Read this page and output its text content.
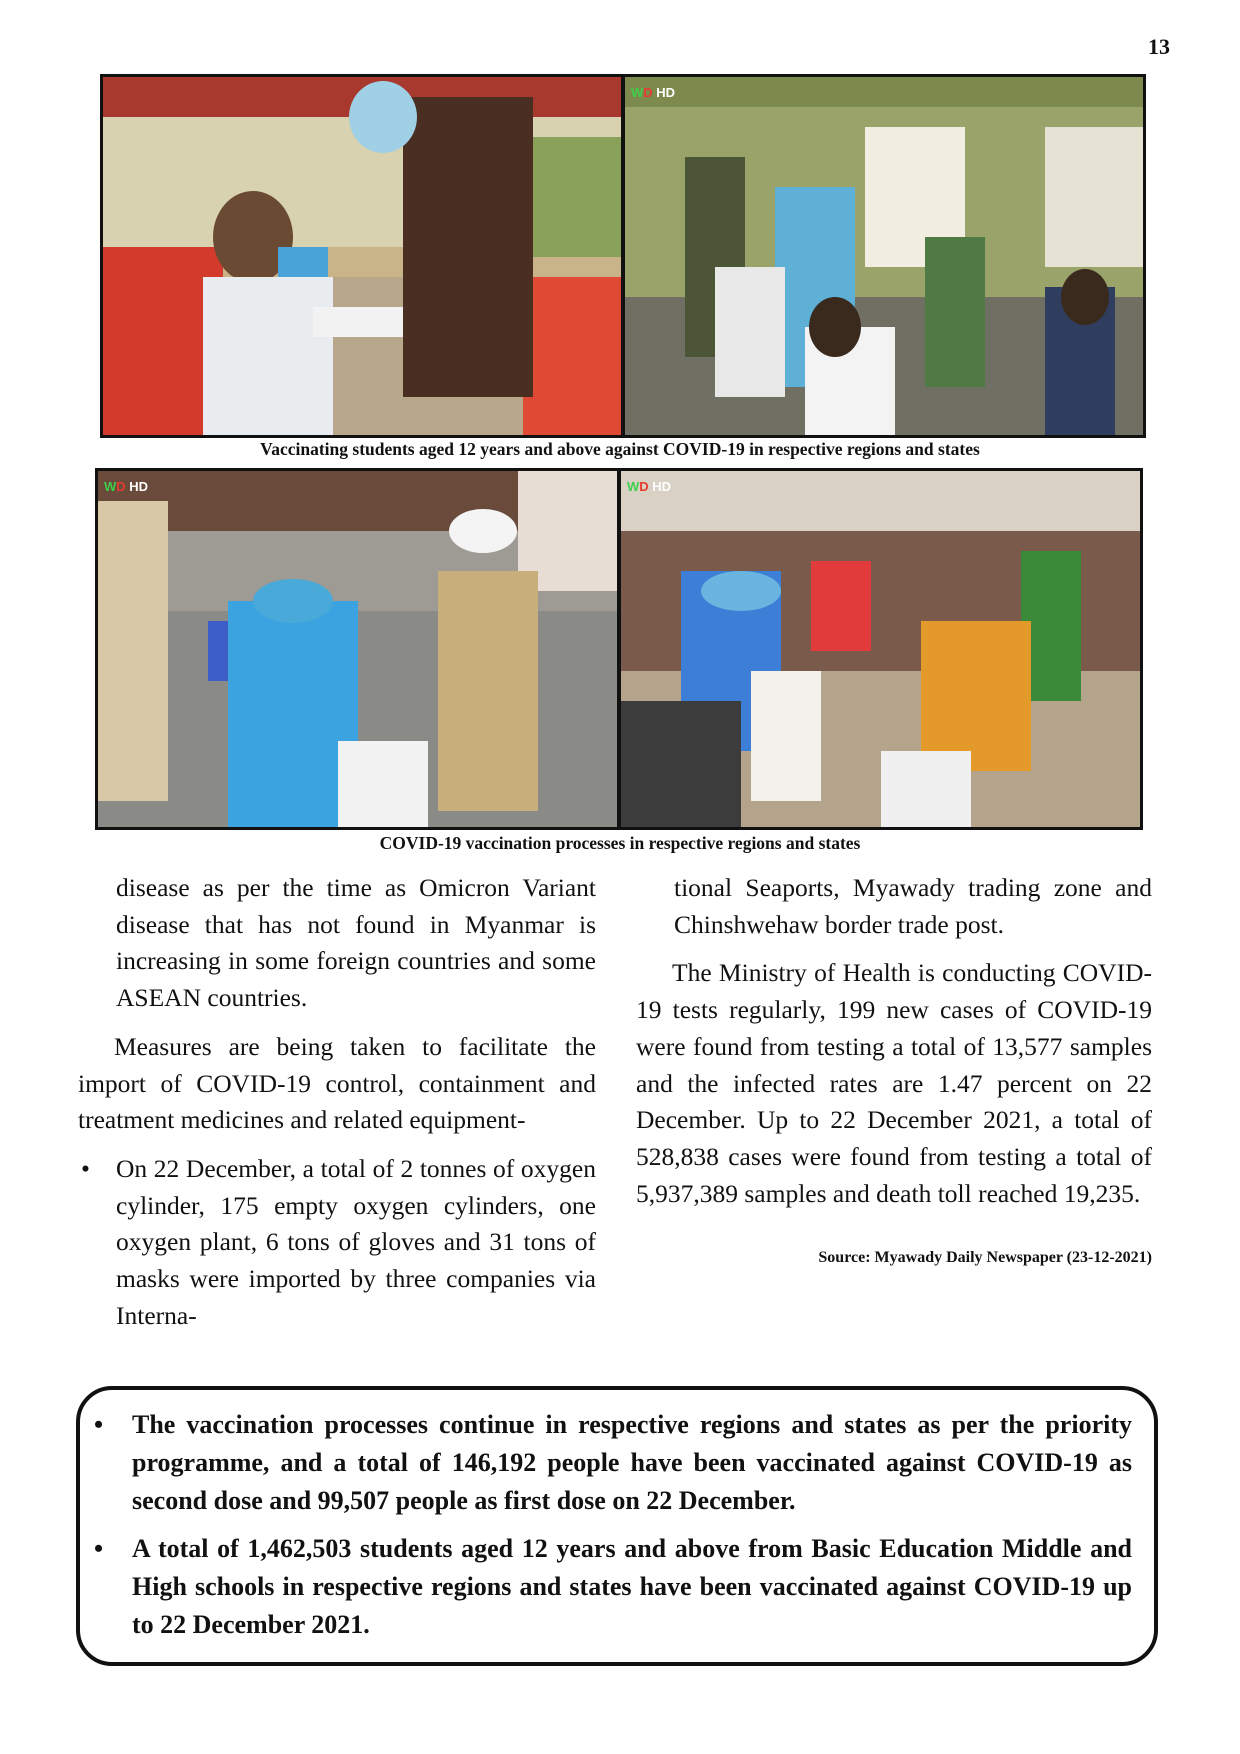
13
WD HD
Vaccinating students aged 12 years and above against COVID-19 in respective regions and states
WD HD	WD HD
COVID-19 vaccination processes in respective regions and states

disease as per the time as Omicron Variant disease that has not found in Myanmar is increasing in some foreign countries and some ASEAN countries.

Measures are being taken to facilitate the import of COVID-19 control, containment and treatment medicines and related equipment-

• On 22 December, a total of 2 tonnes of oxygen cylinder, 175 empty oxygen cylinders, one oxygen plant, 6 tons of gloves and 31 tons of masks were imported by three companies via Interna-

tional Seaports, Myawady trading zone and Chinshwehaw border trade post.

The Ministry of Health is conducting COVID-19 tests regularly, 199 new cases of COVID-19 were found from testing a total of 13,577 samples and the infected rates are 1.47 percent on 22 December. Up to 22 December 2021, a total of 528,838 cases were found from testing a total of 5,937,389 samples and death toll reached 19,235.

Source: Myawady Daily Newspaper (23-12-2021)
• The vaccination processes continue in respective regions and states as per the priority programme, and a total of 146,192 people have been vaccinated against COVID-19 as second dose and 99,507 people as first dose on 22 December.
• A total of 1,462,503 students aged 12 years and above from Basic Education Middle and High schools in respective regions and states have been vaccinated against COVID-19 up to 22 December 2021.
